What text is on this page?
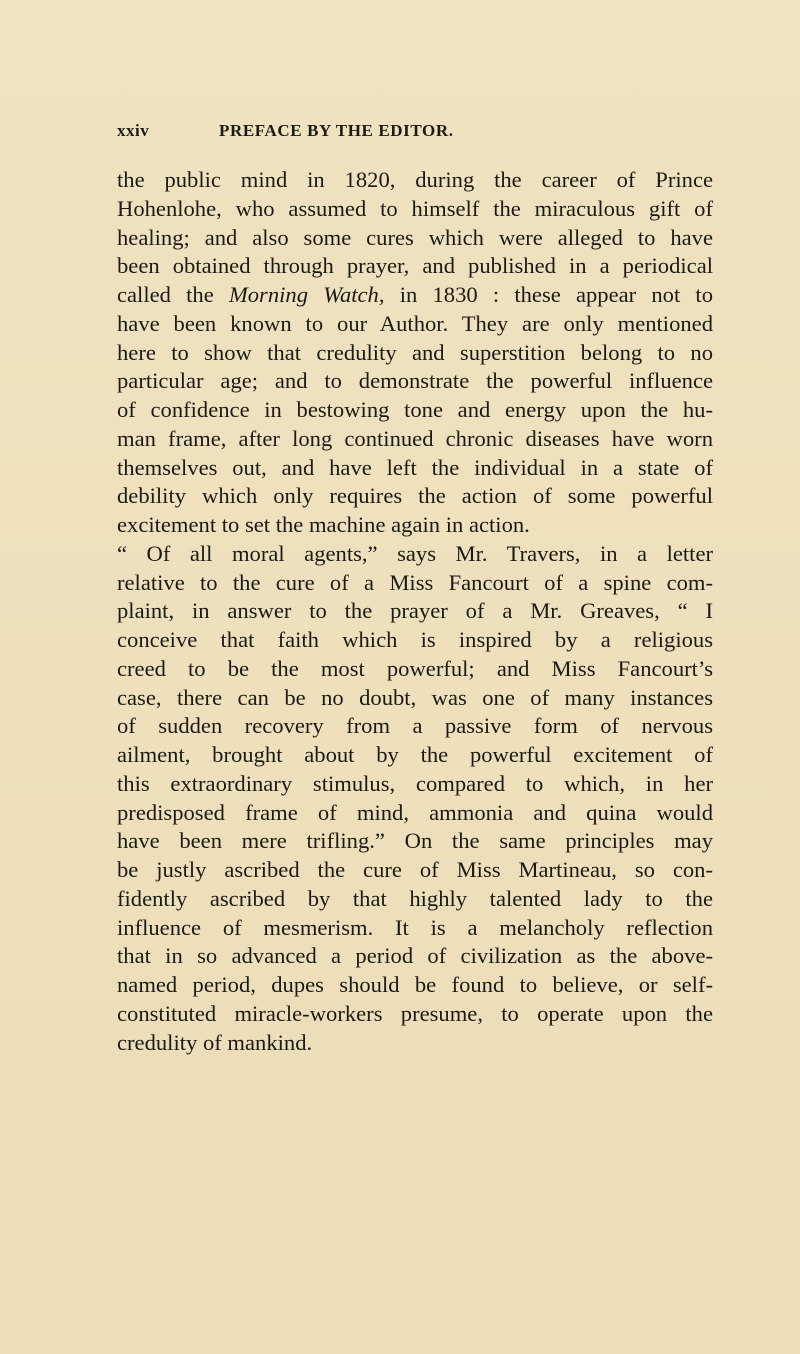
xxiv	PREFACE BY THE EDITOR.
the public mind in 1820, during the career of Prince
Hohenlohe, who assumed to himself the miraculous gift of
healing; and also some cures which were alleged to have
been obtained through prayer, and published in a periodical
called the Morning Watch, in 1830 : these appear not to
have been known to our Author. They are only mentioned
here to show that credulity and superstition belong to no
particular age; and to demonstrate the powerful influence
of confidence in bestowing tone and energy upon the hu-
man frame, after long continued chronic diseases have worn
themselves out, and have left the individual in a state of
debility which only requires the action of some powerful
excitement to set the machine again in action.
“ Of all moral agents,” says Mr. Travers, in a letter
relative to the cure of a Miss Fancourt of a spine com-
plaint, in answer to the prayer of a Mr. Greaves, “ I
conceive that faith which is inspired by a religious
creed to be the most powerful; and Miss Fancourt’s
case, there can be no doubt, was one of many instances
of sudden recovery from a passive form of nervous
ailment, brought about by the powerful excitement of
this extraordinary stimulus, compared to which, in her
predisposed frame of mind, ammonia and quina would
have been mere trifling.” On the same principles may
be justly ascribed the cure of Miss Martineau, so con-
fidently ascribed by that highly talented lady to the
influence of mesmerism. It is a melancholy reflection
that in so advanced a period of civilization as the above-
named period, dupes should be found to believe, or self-
constituted miracle-workers presume, to operate upon the
credulity of mankind.
